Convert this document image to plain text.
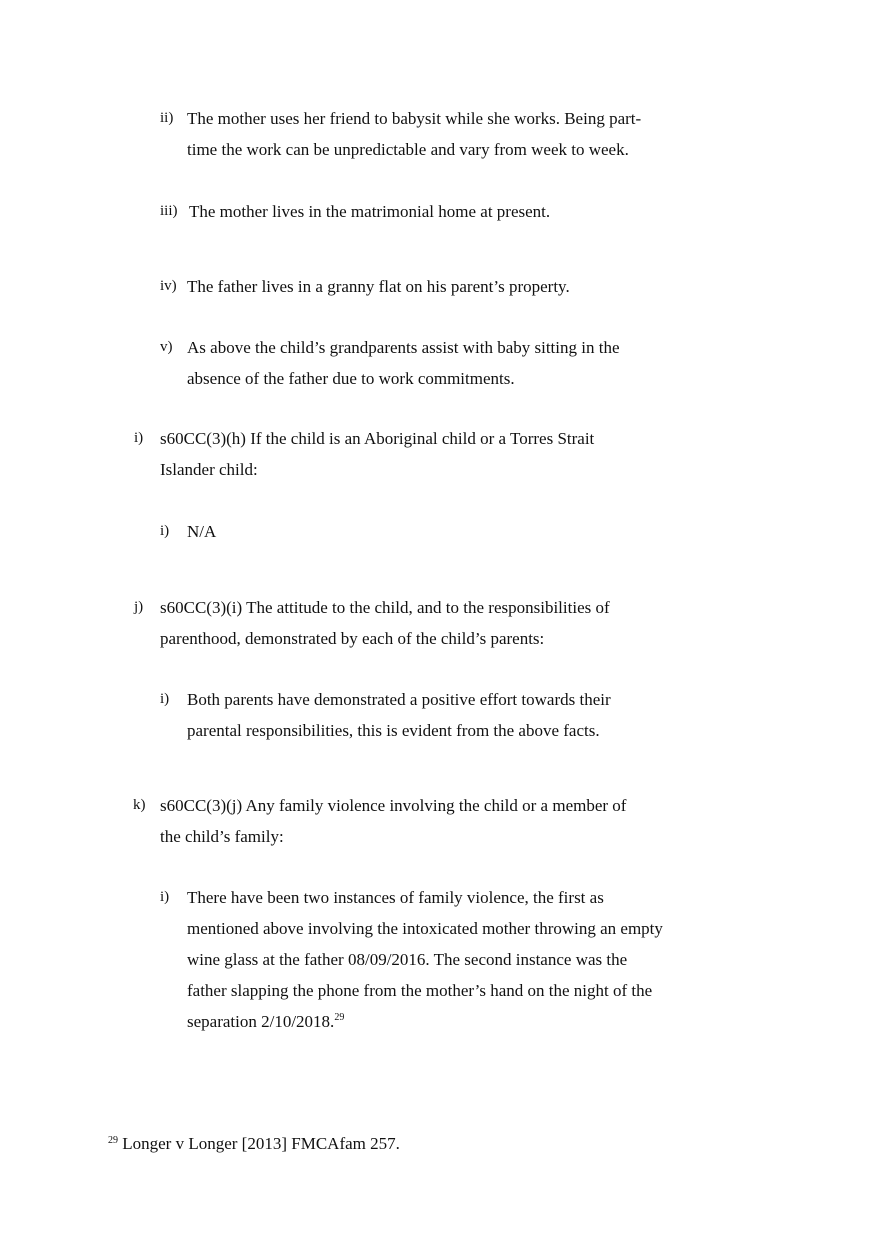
ii) The mother uses her friend to babysit while she works. Being part-
time the work can be unpredictable and vary from week to week.
iii) The mother lives in the matrimonial home at present.
iv) The father lives in a granny flat on his parent’s property.
v) As above the child’s grandparents assist with baby sitting in the
absence of the father due to work commitments.
i) s60CC(3)(h) If the child is an Aboriginal child or a Torres Strait
Islander child:
i) N/A
j) s60CC(3)(i) The attitude to the child, and to the responsibilities of
parenthood, demonstrated by each of the child’s parents:
i) Both parents have demonstrated a positive effort towards their
parental responsibilities, this is evident from the above facts.
k) s60CC(3)(j) Any family violence involving the child or a member of
the child’s family:
i) There have been two instances of family violence, the first as
mentioned above involving the intoxicated mother throwing an empty
wine glass at the father 08/09/2016. The second instance was the
father slapping the phone from the mother’s hand on the night of the
separation 2/10/2018.29
$^{29}$ Longer v Longer [2013] FMCAfam 257.
